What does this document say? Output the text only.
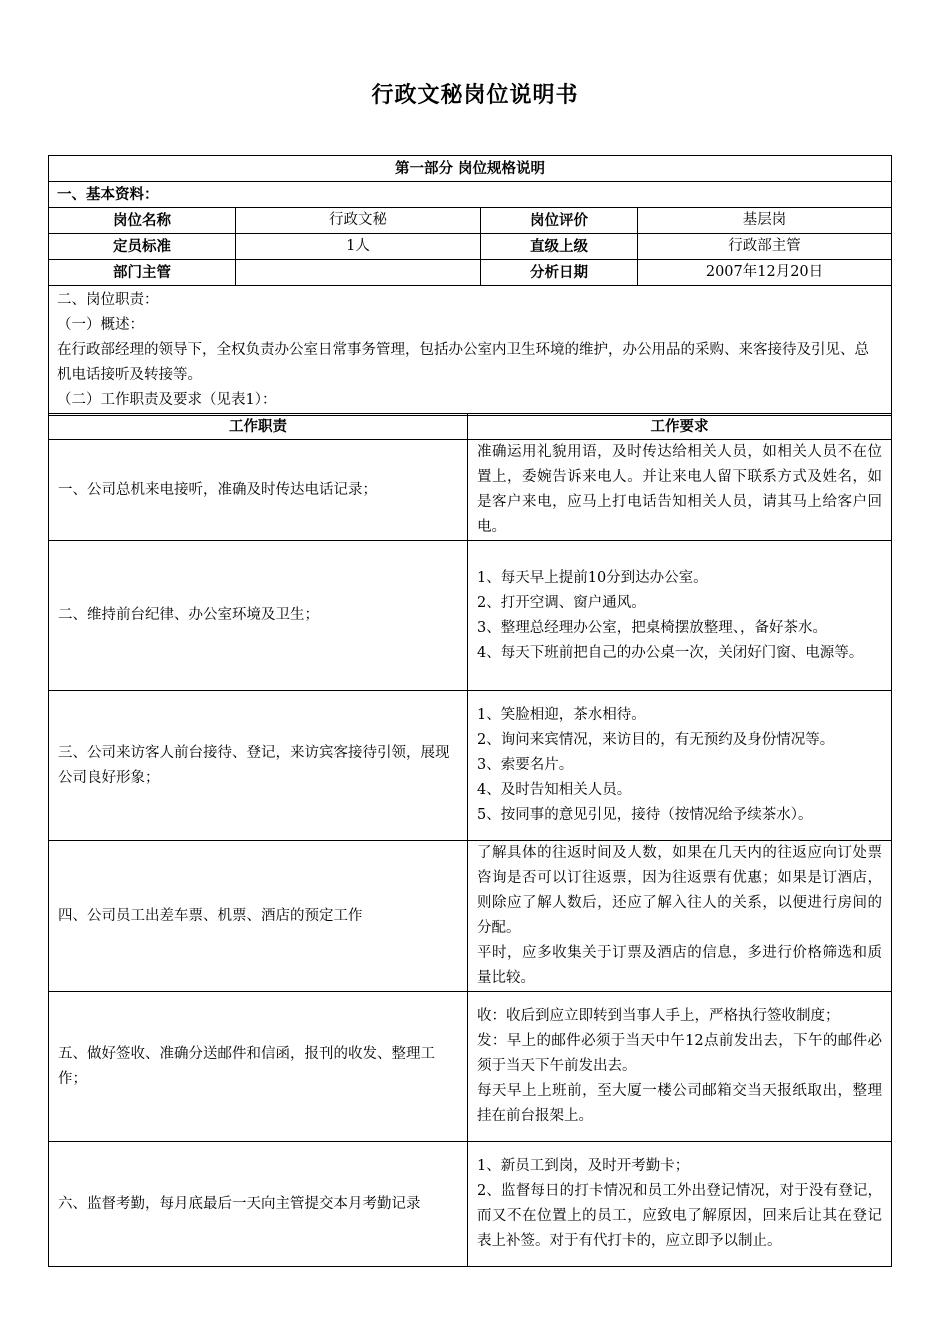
行政文秘岗位说明书
第一部分 岗位规格说明			
一、基本资料：			
岗位名称	行政文秘	岗位评价	基层岗
定员标准	1人	直级上级	行政部主管
部门主管		分析日期	2007年12月20日

二、岗位职责：
（一）概述：
在行政部经理的领导下，全权负责办公室日常事务管理，包括办公室内卫生环境的维护，办公用品的采购、来客接待及引见、总机电话接听及转接等。
（二）工作职责及要求（见表1）：			
工作职责	工作要求
一、公司总机来电接听，准确及时传达电话记录；	准确运用礼貌用语，及时传达给相关人员，如相关人员不在位置上，委婉告诉来电人。并让来电人留下联系方式及姓名，如是客户来电，应马上打电话告知相关人员，请其马上给客户回电。

二、维持前台纪律、办公室环境及卫生；	1、每天早上提前10分到达办公室。

2、打开空调、窗户通风。

3、整理总经理办公室，把桌椅摆放整理、，备好茶水。

4、每天下班前把自己的办公桌一次，关闭好门窗、电源等。

三、公司来访客人前台接待、登记，来访宾客接待引领，展现公司良好形象；	1、笑脸相迎，茶水相待。

2、询问来宾情况，来访目的，有无预约及身份情况等。

3、索要名片。

4、及时告知相关人员。

5、按同事的意见引见，接待（按情况给予续茶水）。

四、公司员工出差车票、机票、酒店的预定工作	了解具体的往返时间及人数，如果在几天内的往返应向订处票咨询是否可以订往返票，因为往返票有优惠；如果是订酒店，则除应了解人数后，还应了解入往人的关系，以便进行房间的分配。

平时，应多收集关于订票及酒店的信息，多进行价格筛选和质量比较。

五、做好签收、准确分送邮件和信函，报刊的收发、整理工作；	收：收后到应立即转到当事人手上，严格执行签收制度；

发：早上的邮件必须于当天中午12点前发出去，下午的邮件必须于当天下午前发出去。

每天早上上班前，至大厦一楼公司邮箱交当天报纸取出，整理挂在前台报架上。

六、监督考勤，每月底最后一天向主管提交本月考勤记录	1、新员工到岗，及时开考勤卡；

2、监督每日的打卡情况和员工外出登记情况，对于没有登记，而又不在位置上的员工，应致电了解原因，回来后让其在登记表上补签。对于有代打卡的，应立即予以制止。
